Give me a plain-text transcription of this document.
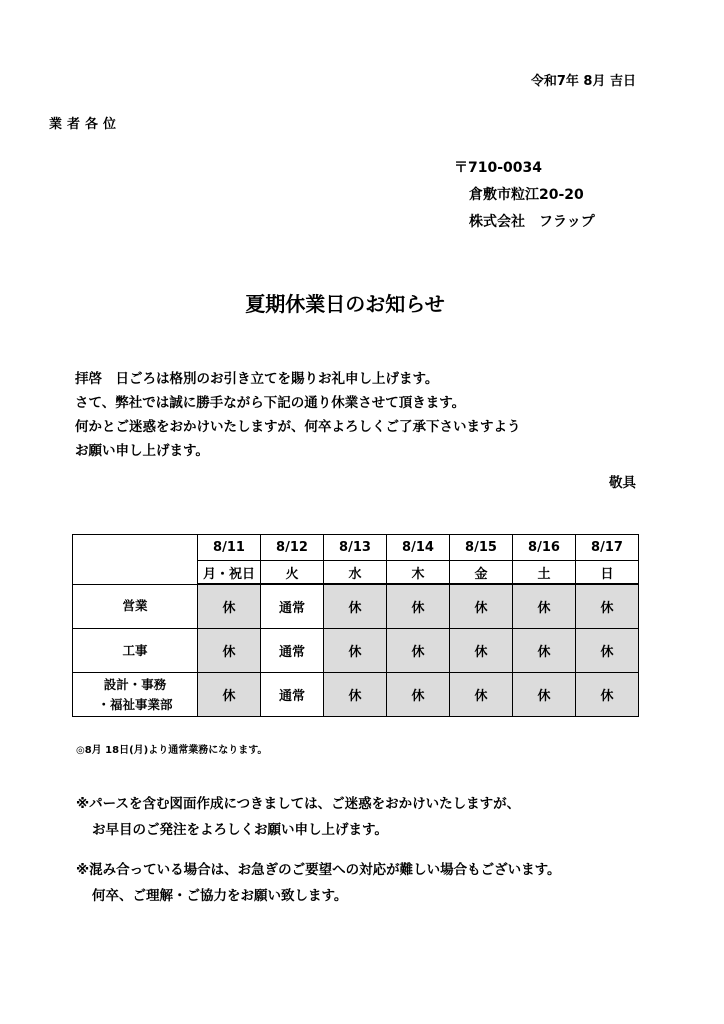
令和7年 8月 吉日
業者各位
〒710-0034
倉敷市粒江20-20
株式会社　フラップ
夏期休業日のお知らせ
拝啓　日ごろは格別のお引き立てを賜りお礼申し上げます。
さて、弊社では誠に勝手ながら下記の通り休業させて頂きます。
何かとご迷惑をおかけいたしますが、何卒よろしくご了承下さいますよう
お願い申し上げます。
敬具
	8/11	8/12	8/13	8/14	8/15	8/16	8/17
	月・祝日	火	水	木	金	土	日

営業	休	通常	休	休	休	休	休

工事	休	通常	休	休	休	休	休

設計・事務
・福祉事業部	休	通常	休	休	休	休	休
◎8月 18日(月)より通常業務になります。
※パースを含む図面作成につきましては、ご迷惑をおかけいたしますが、
お早目のご発注をよろしくお願い申し上げます。
※混み合っている場合は、お急ぎのご要望への対応が難しい場合もございます。
何卒、ご理解・ご協力をお願い致します。
